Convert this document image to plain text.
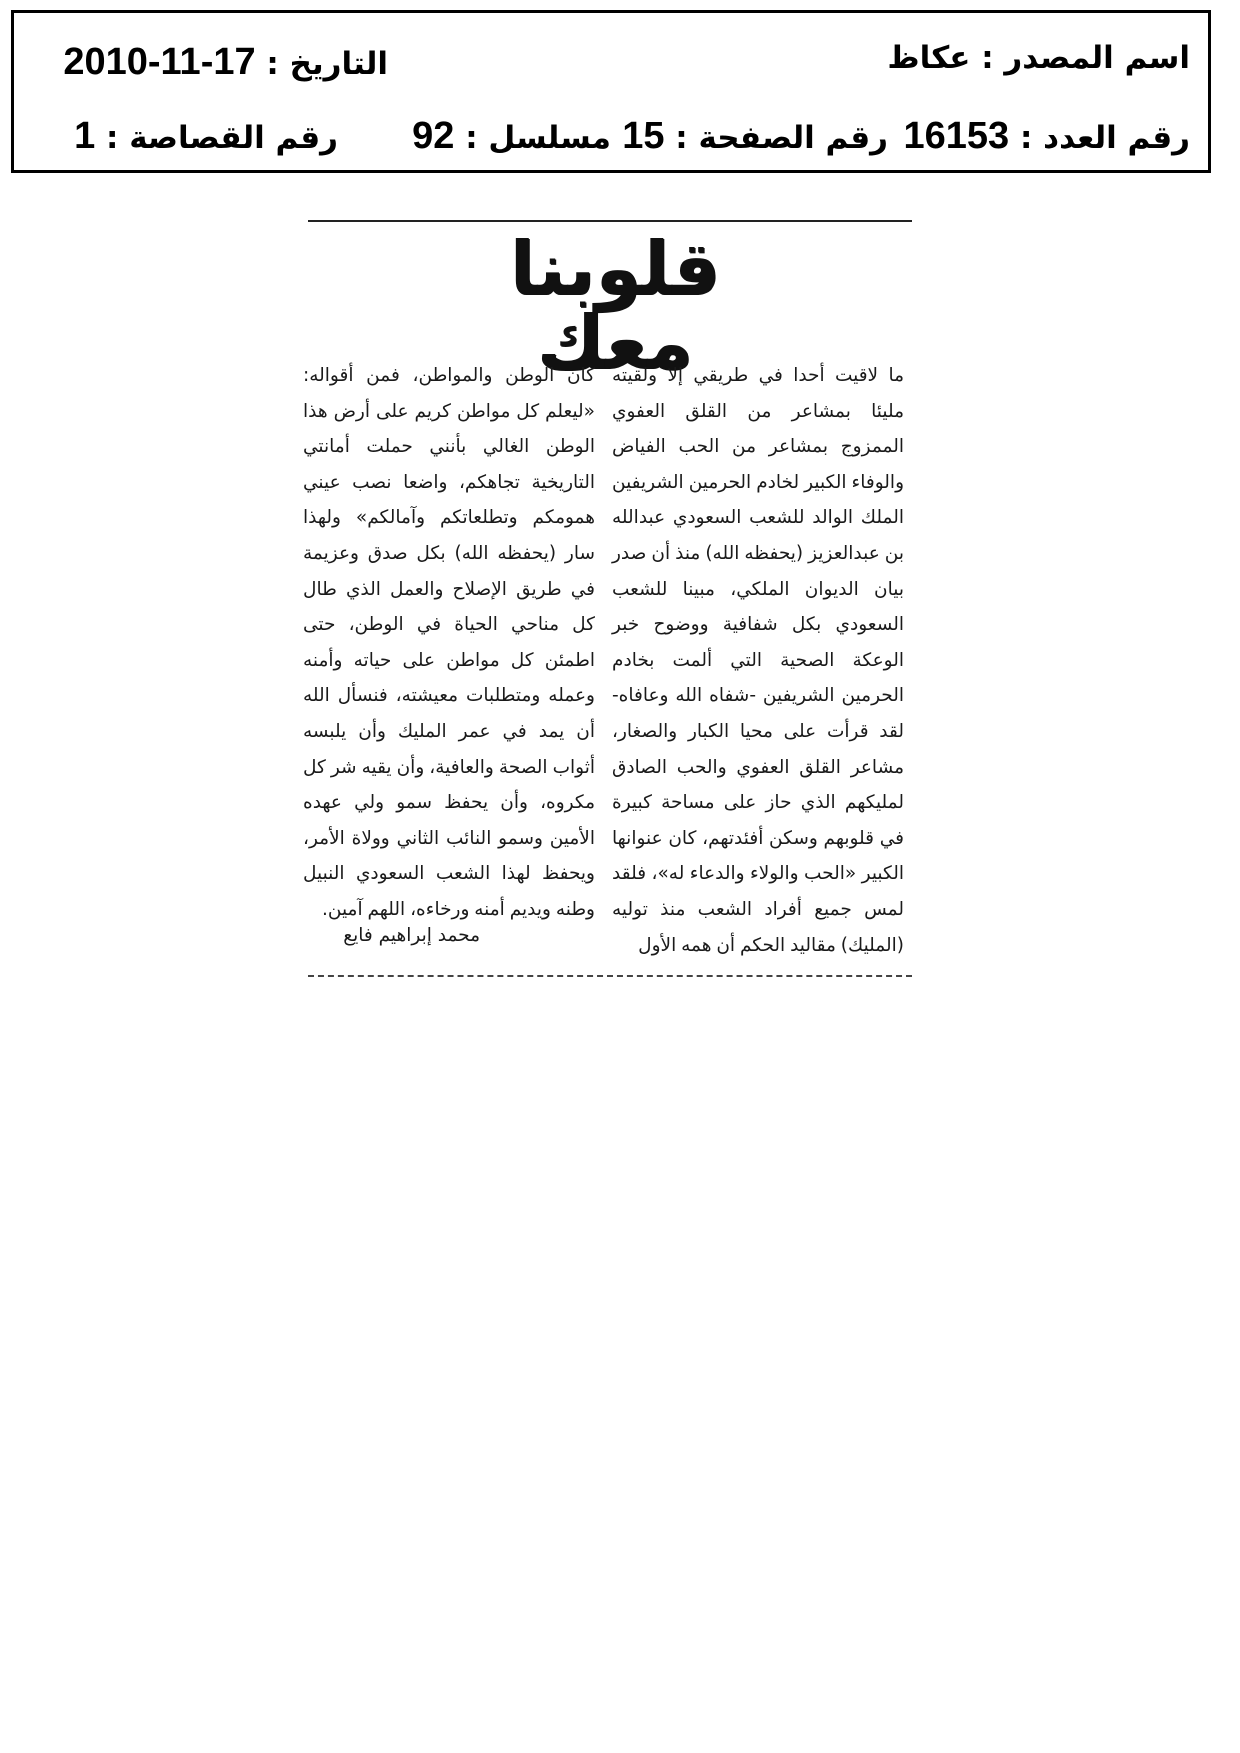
اسم المصدر : عكاظ
التاريخ : 2010-11-17
رقم العدد : 16153
رقم الصفحة : 15
مسلسل : 92
رقم القصاصة : 1
قلوبنا معك
ما لاقيت أحدا في طريقي إلا ولقيته مليئا بمشاعر من القلق العفوي الممزوج بمشاعر من الحب الفياض والوفاء الكبير لخادم الحرمين الشريفين الملك الوالد للشعب السعودي عبدالله بن عبدالعزيز (يحفظه الله) منذ أن صدر بيان الديوان الملكي، مبينا للشعب السعودي بكل شفافية ووضوح خبر الوعكة الصحية التي ألمت بخادم الحرمين الشريفين -شفاه الله وعافاه- لقد قرأت على محيا الكبار والصغار، مشاعر القلق العفوي والحب الصادق لمليكهم الذي حاز على مساحة كبيرة في قلوبهم وسكن أفئدتهم، كان عنوانها الكبير «الحب والولاء والدعاء له»، فلقد لمس جميع أفراد الشعب منذ توليه (المليك) مقاليد الحكم أن همه الأول
كان الوطن والمواطن، فمن أقواله: «ليعلم كل مواطن كريم على أرض هذا الوطن الغالي بأنني حملت أمانتي التاريخية تجاهكم، واضعا نصب عيني همومكم وتطلعاتكم وآمالكم» ولهذا سار (يحفظه الله) بكل صدق وعزيمة في طريق الإصلاح والعمل الذي طال كل مناحي الحياة في الوطن، حتى اطمئن كل مواطن على حياته وأمنه وعمله ومتطلبات معيشته، فنسأل الله أن يمد في عمر المليك وأن يلبسه أثواب الصحة والعافية، وأن يقيه شر كل مكروه، وأن يحفظ سمو ولي عهده الأمين وسمو النائب الثاني وولاة الأمر، ويحفظ لهذا الشعب السعودي النبيل وطنه ويديم أمنه ورخاءه، اللهم آمين.
محمد إبراهيم فايع
